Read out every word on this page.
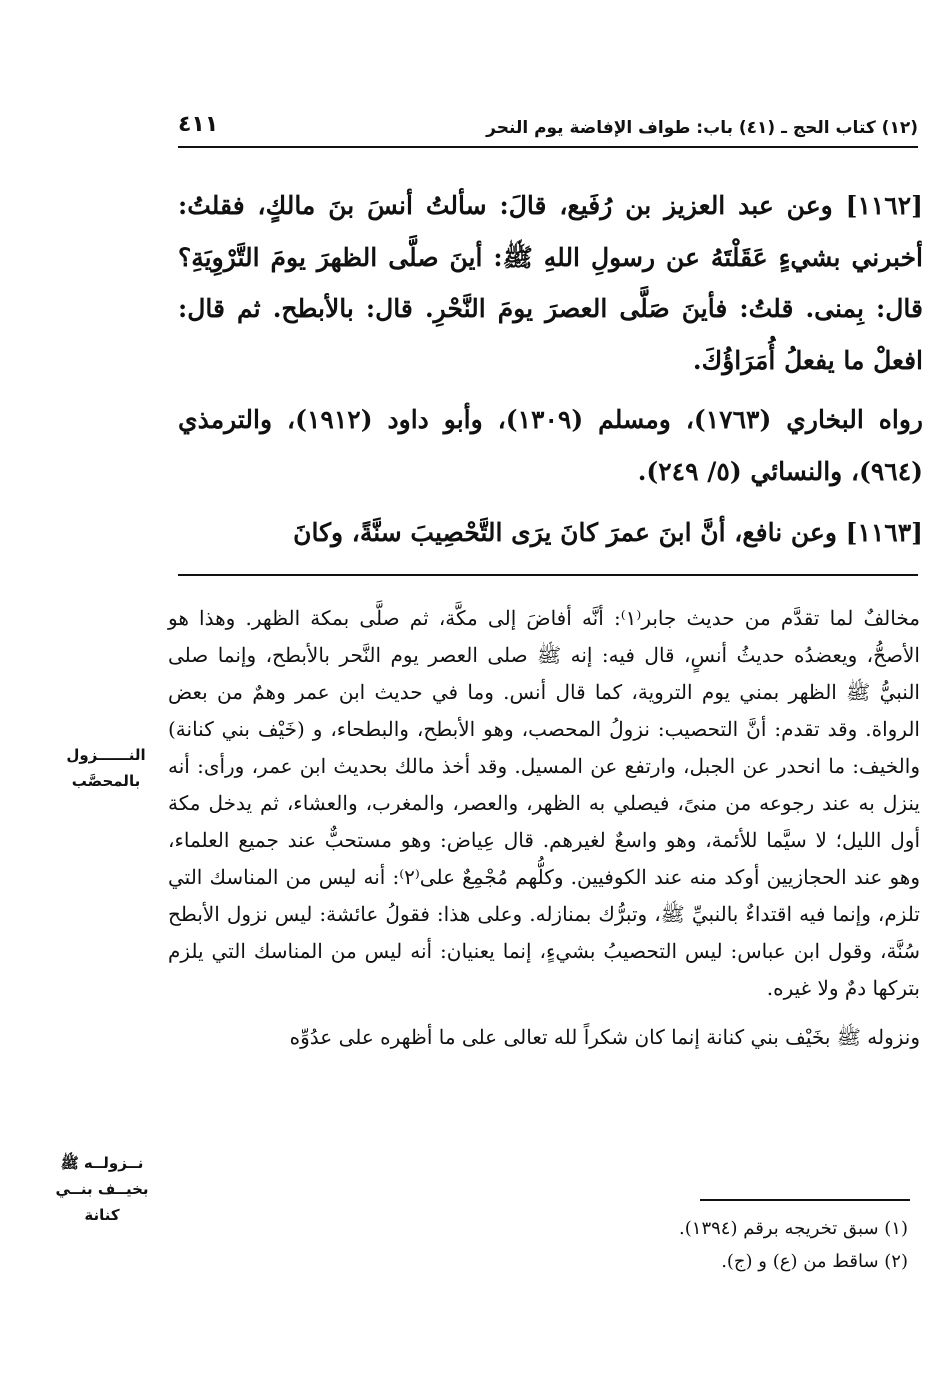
(١٢) كتاب الحج ـ (٤١) باب: طواف الإفاضة يوم النحر
٤١١

[١١٦٢] وعن عبد العزيز بن رُفَيع، قالَ: سألتُ أنسَ بنَ مالكٍ، فقلتُ: أخبرني بشيءٍ عَقَلْتَهُ عن رسولِ اللهِ ﷺ: أينَ صلَّى الظهرَ يومَ التَّرْوِيَةِ؟ قال: بِمنى. قلتُ: فأينَ صَلَّى العصرَ يومَ النَّحْرِ. قال: بالأبطح. ثم قال: افعلْ ما يفعلُ أُمَرَاؤُكَ.

رواه البخاري (١٧٦٣)، ومسلم (١٣٠٩)، وأبو داود (١٩١٢)، والترمذي (٩٦٤)، والنسائي (٥/ ٢٤٩).

[١١٦٣] وعن نافع، أنَّ ابنَ عمرَ كانَ يرَى التَّحْصِيبَ سنَّةً، وكانَ

مخالفٌ لما تقدَّم من حديث جابر⁽١⁾: أنَّه أفاضَ إلى مكَّة، ثم صلَّى بمكة الظهر. وهذا هو الأصحُّ، ويعضدُه حديثُ أنسٍ، قال فيه: إنه ﷺ صلى العصر يوم النَّحر بالأبطح، وإنما صلى النبيُّ ﷺ الظهر بمني يوم التروية، كما قال أنس. وما في حديث ابن عمر وهمٌ من بعض الرواة. وقد تقدم: أنَّ التحصيب: نزولُ المحصب، وهو الأبطح، والبطحاء، و (خَيْف بني كنانة) والخيف: ما انحدر عن الجبل، وارتفع عن المسيل. وقد أخذ مالك بحديث ابن عمر، ورأى: أنه ينزل به عند رجوعه من منىً، فيصلي به الظهر، والعصر، والمغرب، والعشاء، ثم يدخل مكة أول الليل؛ لا سيَّما للأئمة، وهو واسعٌ لغيرهم. قال عِياض: وهو مستحبٌّ عند جميع العلماء، وهو عند الحجازيين أوكد منه عند الكوفيين. وكلُّهم مُجْمِعٌ على⁽٢⁾: أنه ليس من المناسك التي تلزم، وإنما فيه اقتداءٌ بالنبيِّ ﷺ، وتبرُّك بمنازله. وعلى هذا: فقولُ عائشة: ليس نزول الأبطح سُنَّة، وقول ابن عباس: ليس التحصيبُ بشيءٍ، إنما يعنيان: أنه ليس من المناسك التي يلزم بتركها دمٌ ولا غيره.

ونزوله ﷺ بخَيْف بني كنانة إنما كان شكراً لله تعالى على ما أظهره على عدُوِّه

النــــــزول بالمحصَّب
نــزولــه ﷺ بخيــف بنــي كنانة

(١) سبق تخريجه برقم (١٣٩٤).

(٢) ساقط من (ع) و (ج).
